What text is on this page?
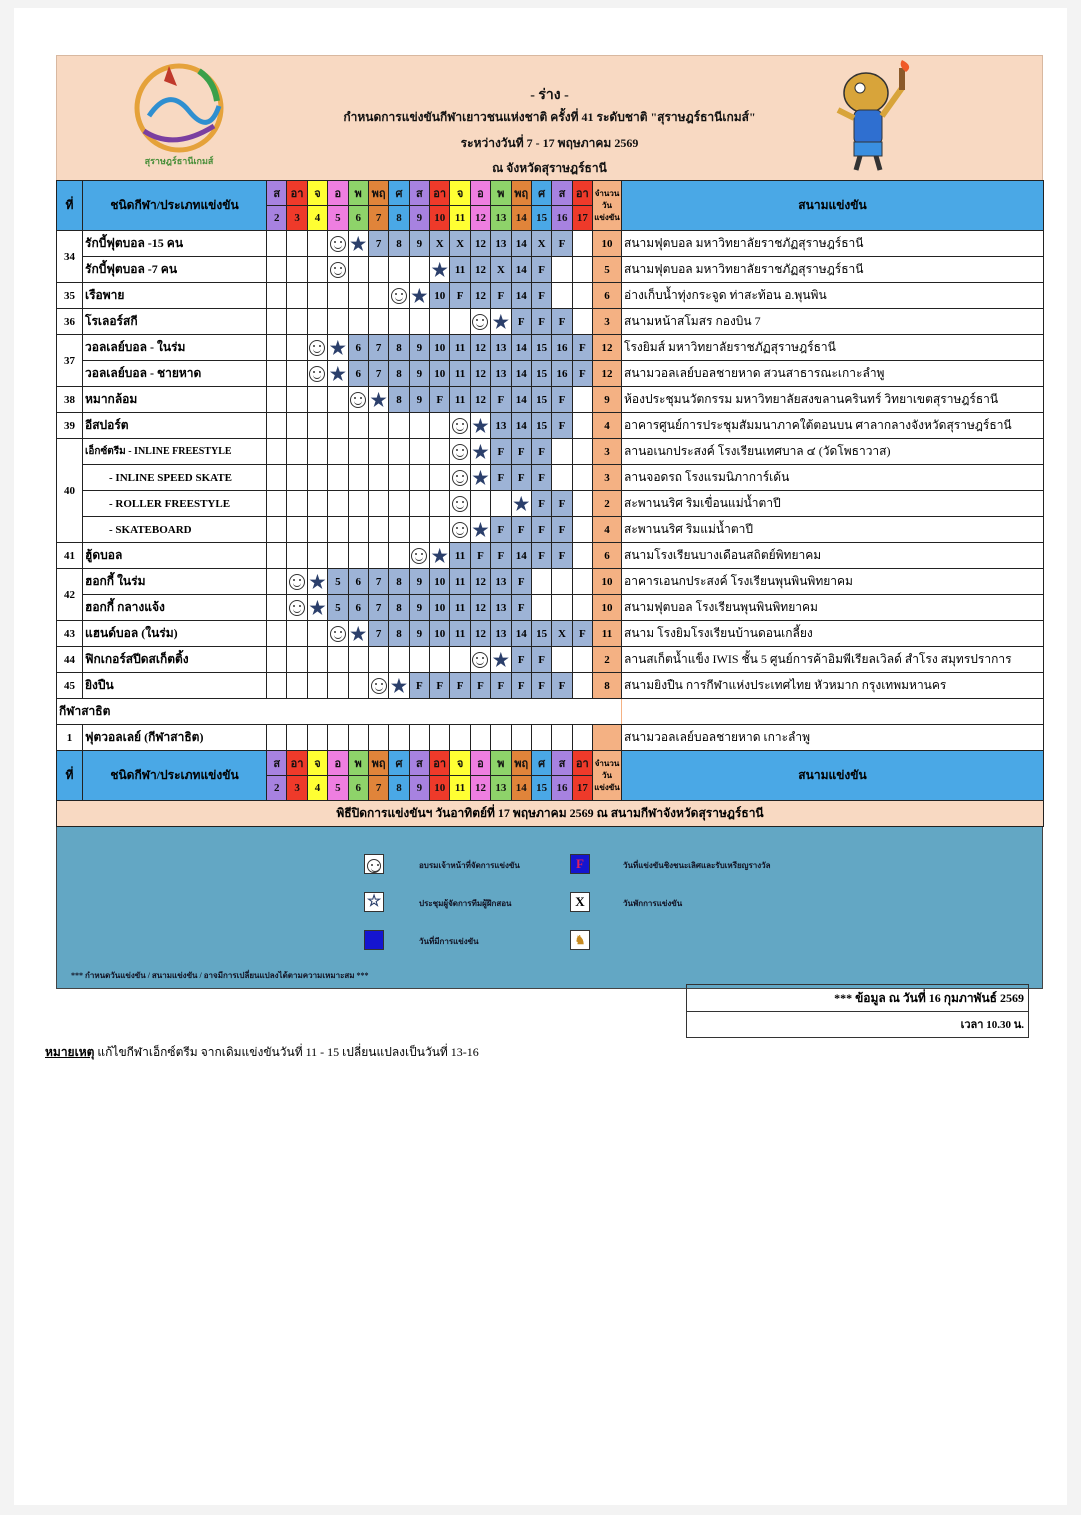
สุราษฎร์ธานีเกมส์
- ร่าง -
กำหนดการแข่งขันกีฬาเยาวชนแห่งชาติ ครั้งที่ 41 ระดับชาติ "สุราษฎร์ธานีเกมส์"
ระหว่างวันที่ 7 - 17 พฤษภาคม 2569
ณ จังหวัดสุราษฎร์ธานี
ที่	ชนิดกีฬา/ประเภทแข่งขัน	ส	อา	จ	อ	พ	พฤ	ศ	ส	อา	จ	อ	พ	พฤ	ศ	ส	อา	จำนวน
วัน
แข่งขัน	สนามแข่งขัน
		2	3	4	5	6	7	8	9	10	11	12	13	14	15	16	17		
34	รักบี้ฟุตบอล -15 คน					★	7	8	9	X	X	12	13	14	X	F		10	สนามฟุตบอล มหาวิทยาลัยราชภัฏสุราษฎร์ธานี
	รักบี้ฟุตบอล -7 คน									★	11	12	X	14	F			5	สนามฟุตบอล มหาวิทยาลัยราชภัฏสุราษฎร์ธานี
35	เรือพาย								★	10	F	12	F	14	F			6	อ่างเก็บน้ำทุ่งกระจูด ท่าสะท้อน อ.พุนพิน
36	โรเลอร์สกี												★	F	F	F		3	สนามหน้าสโมสร กองบิน 7
37	วอลเลย์บอล - ในร่ม				★	6	7	8	9	10	11	12	13	14	15	16	F	12	โรงยิมส์ มหาวิทยาลัยราชภัฏสุราษฎร์ธานี
	วอลเลย์บอล - ชายหาด				★	6	7	8	9	10	11	12	13	14	15	16	F	12	สนามวอลเลย์บอลชายหาด สวนสาธารณะเกาะลำพู
38	หมากล้อม						★	8	9	F	11	12	F	14	15	F		9	ห้องประชุมนวัตกรรม มหาวิทยาลัยสงขลานครินทร์ วิทยาเขตสุราษฎร์ธานี
39	อีสปอร์ต											★	13	14	15	F		4	อาคารศูนย์การประชุมสัมมนาภาคใต้ตอนบน ศาลากลางจังหวัดสุราษฎร์ธานี
40	เอ็กซ์ตรีม - INLINE FREESTYLE											★	F	F	F			3	ลานอเนกประสงค์ โรงเรียนเทศบาล ๔ (วัดโพธาวาส)
	- INLINE SPEED SKATE											★	F	F	F			3	ลานจอดรถ โรงแรมนิภาการ์เด้น
	- ROLLER FREESTYLE													★	F	F		2	สะพานนริศ ริมเขื่อนแม่น้ำตาปี
	- SKATEBOARD											★	F	F	F	F		4	สะพานนริศ ริมแม่น้ำตาปี
41	ฮู้ดบอล									★	11	F	F	14	F	F		6	สนามโรงเรียนบางเดือนสถิตย์พิทยาคม
42	ฮอกกี้ ในร่ม			★	5	6	7	8	9	10	11	12	13	F				10	อาคารเอนกประสงค์ โรงเรียนพุนพินพิทยาคม
	ฮอกกี้ กลางแจ้ง			★	5	6	7	8	9	10	11	12	13	F				10	สนามฟุตบอล โรงเรียนพุนพินพิทยาคม
43	แฮนด์บอล (ในร่ม)					★	7	8	9	10	11	12	13	14	15	X	F	11	สนาม โรงยิมโรงเรียนบ้านดอนเกลี้ยง
44	ฟิกเกอร์สปีดสเก็ตติ้ง												★	F	F			2	ลานสเก็ตน้ำแข็ง IWIS ชั้น 5 ศูนย์การค้าอิมพีเรียลเวิลด์ สำโรง สมุทรปราการ
45	ยิงปืน							★	F	F	F	F	F	F	F	F		8	สนามยิงปืน การกีฬาแห่งประเทศไทย หัวหมาก กรุงเทพมหานคร
กีฬาสาธิต																			
1	ฟุตวอลเลย์ (กีฬาสาธิต)																		สนามวอลเลย์บอลชายหาด เกาะลำพู
ที่	ชนิดกีฬา/ประเภทแข่งขัน	ส	อา	จ	อ	พ	พฤ	ศ	ส	อา	จ	อ	พ	พฤ	ศ	ส	อา	จำนวน
วัน
แข่งขัน	สนามแข่งขัน
		2	3	4	5	6	7	8	9	10	11	12	13	14	15	16	17		
พิธีปิดการแข่งขันฯ วันอาทิตย์ที่ 17 พฤษภาคม 2569 ณ สนามกีฬาจังหวัดสุราษฎร์ธานี																			
อบรมเจ้าหน้าที่จัดการแข่งขัน
☆	ประชุมผู้จัดการทีมผู้ฝึกสอน
วันที่มีการแข่งขัน
F	วันที่แข่งขันชิงชนะเลิศและรับเหรียญรางวัล
X	วันพักการแข่งขัน
♞
*** กำหนดวันแข่งขัน / สนามแข่งขัน / อาจมีการเปลี่ยนแปลงได้ตามความเหมาะสม ***
*** ข้อมูล ณ วันที่ 16 กุมภาพันธ์ 2569
เวลา 10.30 น.
หมายเหตุ แก้ไขกีฬาเอ็กซ์ตรีม จากเดิมแข่งขันวันที่ 11 - 15 เปลี่ยนแปลงเป็นวันที่ 13-16
